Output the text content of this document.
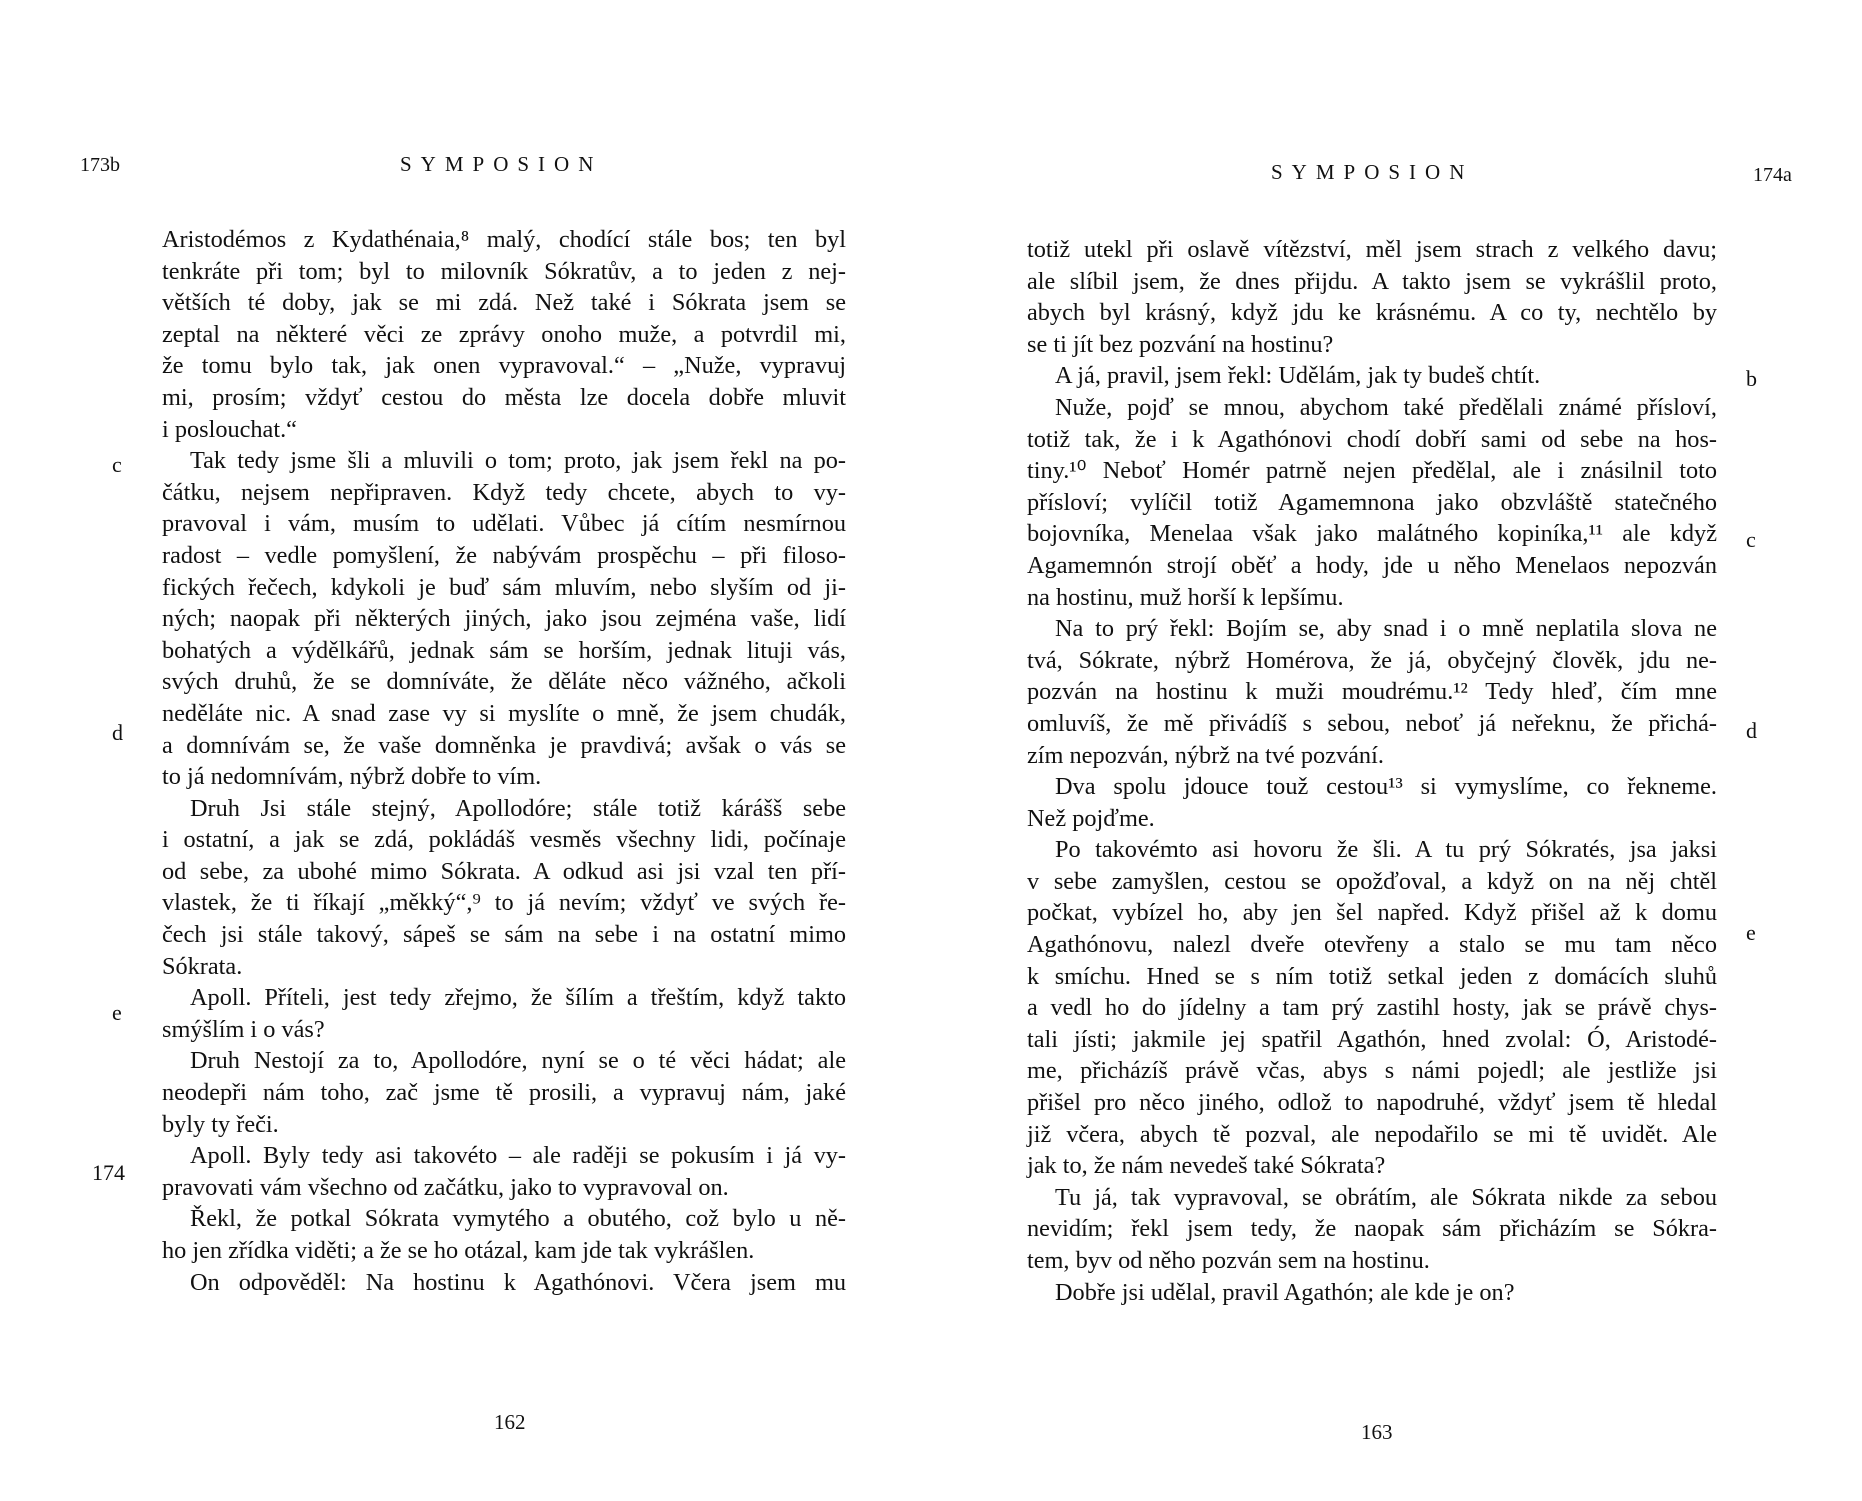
173b	SYMPOSION
c
d
e
174
Aristodémos z Kydathénaia,⁸ malý, chodící stále bos; ten byl
tenkráte při tom; byl to milovník Sókratův, a to jeden z nej-
větších té doby, jak se mi zdá. Než také i Sókrata jsem se
zeptal na některé věci ze zprávy onoho muže, a potvrdil mi,
že tomu bylo tak, jak onen vypravoval.“ – „Nuže, vypravuj
mi, prosím; vždyť cestou do města lze docela dobře mluvit
i poslouchat.“
Tak tedy jsme šli a mluvili o tom; proto, jak jsem řekl na po-
čátku, nejsem nepřipraven. Když tedy chcete, abych to vy-
pravoval i vám, musím to udělati. Vůbec já cítím nesmírnou
radost – vedle pomyšlení, že nabývám prospěchu – při filoso-
fických řečech, kdykoli je buď sám mluvím, nebo slyším od ji-
ných; naopak při některých jiných, jako jsou zejména vaše, lidí
bohatých a výdělkářů, jednak sám se horším, jednak lituji vás,
svých druhů, že se domníváte, že děláte něco vážného, ačkoli
neděláte nic. A snad zase vy si myslíte o mně, že jsem chudák,
a domnívám se, že vaše domněnka je pravdivá; avšak o vás se
to já nedomnívám, nýbrž dobře to vím.
Druh Jsi stále stejný, Apollodóre; stále totiž kárášš sebe
i ostatní, a jak se zdá, pokládáš vesměs všechny lidi, počínaje
od sebe, za ubohé mimo Sókrata. A odkud asi jsi vzal ten pří-
vlastek, že ti říkají „měkký“,⁹ to já nevím; vždyť ve svých ře-
čech jsi stále takový, sápeš se sám na sebe i na ostatní mimo
Sókrata.
Apoll. Příteli, jest tedy zřejmo, že šílím a třeštím, když takto
smýšlím i o vás?
Druh Nestojí za to, Apollodóre, nyní se o té věci hádat; ale
neodepři nám toho, zač jsme tě prosili, a vypravuj nám, jaké
byly ty řeči.
Apoll. Byly tedy asi takovéto – ale raději se pokusím i já vy-
pravovati vám všechno od začátku, jako to vypravoval on.
Řekl, že potkal Sókrata vymytého a obutého, což bylo u ně-
ho jen zřídka viděti; a že se ho otázal, kam jde tak vykrášlen.
On odpověděl: Na hostinu k Agathónovi. Včera jsem mu
162
SYMPOSION	174a
b
c
d
e
totiž utekl při oslavě vítězství, měl jsem strach z velkého davu;
ale slíbil jsem, že dnes přijdu. A takto jsem se vykrášlil proto,
abych byl krásný, když jdu ke krásnému. A co ty, nechtělo by
se ti jít bez pozvání na hostinu?
A já, pravil, jsem řekl: Udělám, jak ty budeš chtít.
Nuže, pojď se mnou, abychom také předělali známé přísloví,
totiž tak, že i k Agathónovi chodí dobří sami od sebe na hos-
tiny.¹⁰ Neboť Homér patrně nejen předělal, ale i znásilnil toto
přísloví; vylíčil totiž Agamemnona jako obzvláště statečného
bojovníka, Menelaa však jako malátného kopiníka,¹¹ ale když
Agamemnón strojí oběť a hody, jde u něho Menelaos nepozván
na hostinu, muž horší k lepšímu.
Na to prý řekl: Bojím se, aby snad i o mně neplatila slova ne
tvá, Sókrate, nýbrž Homérova, že já, obyčejný člověk, jdu ne-
pozván na hostinu k muži moudrému.¹² Tedy hleď, čím mne
omluvíš, že mě přivádíš s sebou, neboť já neřeknu, že přichá-
zím nepozván, nýbrž na tvé pozvání.
Dva spolu jdouce touž cestou¹³ si vymyslíme, co řekneme.
Než pojďme.
Po takovémto asi hovoru že šli. A tu prý Sókratés, jsa jaksi
v sebe zamyšlen, cestou se opožďoval, a když on na něj chtěl
počkat, vybízel ho, aby jen šel napřed. Když přišel až k domu
Agathónovu, nalezl dveře otevřeny a stalo se mu tam něco
k smíchu. Hned se s ním totiž setkal jeden z domácích sluhů
a vedl ho do jídelny a tam prý zastihl hosty, jak se právě chys-
tali jísti; jakmile jej spatřil Agathón, hned zvolal: Ó, Aristodé-
me, přicházíš právě včas, abys s námi pojedl; ale jestliže jsi
přišel pro něco jiného, odlož to napodruhé, vždyť jsem tě hledal
již včera, abych tě pozval, ale nepodařilo se mi tě uvidět. Ale
jak to, že nám nevedeš také Sókrata?
Tu já, tak vypravoval, se obrátím, ale Sókrata nikde za sebou
nevidím; řekl jsem tedy, že naopak sám přicházím se Sókra-
tem, byv od něho pozván sem na hostinu.
Dobře jsi udělal, pravil Agathón; ale kde je on?
163
